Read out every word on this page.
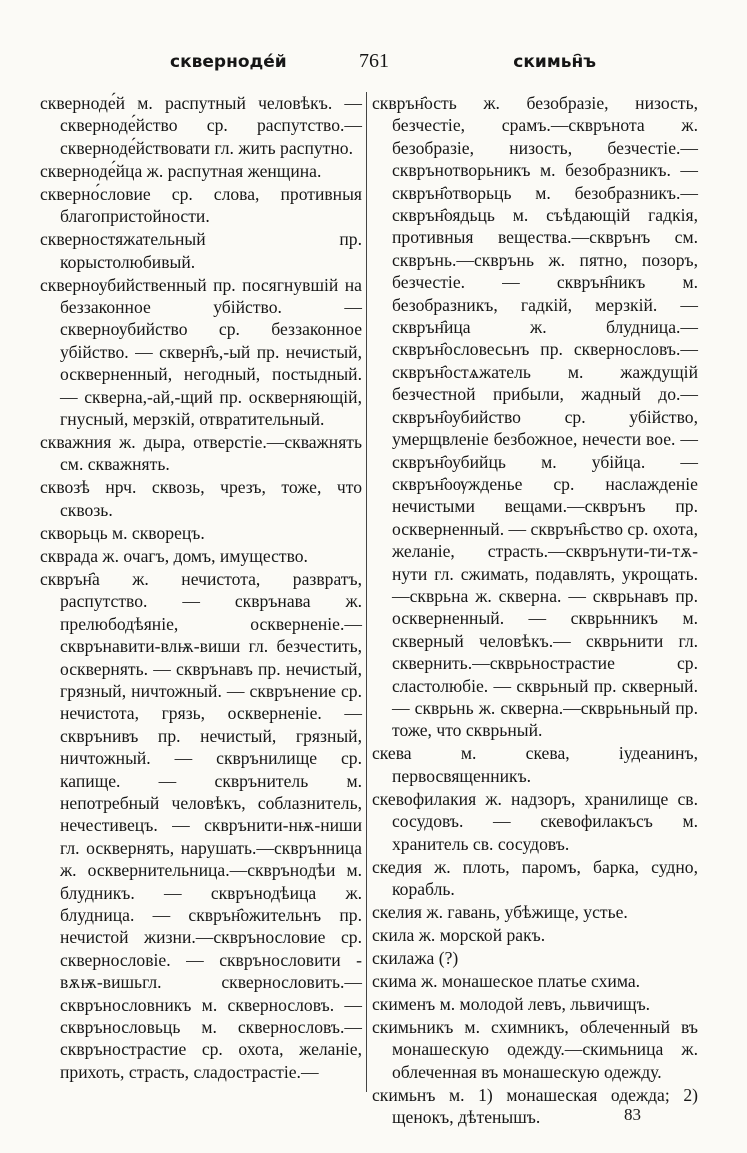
скверноде́й	761	скимьн҄ъ

скверноде́й м. распутный человѣкъ. —скверноде́йство ср. распутство.— скверноде́йствовати гл. жить распутно.

скверноде́йца ж. распутная женщина.

скверно́словие ср. слова, противныя благопристойности.

скверностяжательный пр. корыстолюбивый.

скверноубийственный пр. посягнувшій на беззаконное убійство. — скверноубийство ср. беззаконное убійство. — скверн҄ъ,-ый пр. нечистый, оскверненный, негодный, постыдный. — скверна,-ай,-щий пр. оскверняющій, гнусный, мерзкій, отвратительный.

скважния ж. дыра, отверстіе.—скважнять см. скважнять.

сквозѣ нрч. сквозь, чрезъ, тоже, что сквозь.

скворьць м. скворецъ.

скврада ж. очагъ, домъ, имущество.

скврън҄а ж. нечистота, развратъ, распутство. — скврънава ж. прелюбодѣяніе, оскверненіе.—скврънавити-влѭ-виши гл. безчестить, осквернять. — скврънавъ пр. нечистый, грязный, ничтожный. — скврънение ср. нечистота, грязь, оскверненіе. — скврънивъ пр. нечистый, грязный, ничтожный. — скврънилище ср. капище. — скврънитель м. непотребный человѣкъ, соблазнитель, нечестивецъ. — скврънити-нѭ-ниши гл. осквернять, нарушать.—скврънница ж. осквернительница.—скврънодѣи м. блудникъ. — скврънодѣица ж. блудница. — скврън҄ожительнъ пр. нечистой жизни.—скврънословие ср. сквернословіе. — скврънословити - вѫѭ-вишьгл. сквернословить.—скврънословникъ м. сквернословъ. — скврънословьць м. сквернословъ.— скврънострастие ср. охота, желаніе, прихоть, страсть, сладострастіе.—

скврън҄ость ж. безобразіе, низость, безчестіе, срамъ.—скврънота ж. безобразіе, низость, безчестіе.—скврънотворьникъ м. безобразникъ. — скврън҄отворьць м. безобразникъ.— скврън҄оядьць м. съѣдающій гадкія, противныя вещества.—скврънъ см. скврънь.—скврънь ж. пятно, позоръ, безчестіе. — скврън҄никъ м. безобразникъ, гадкій, мерзкій. — скврън҄ица ж. блудница.—скврън҄ословесьнъ пр. сквернословъ.— скврън҄остѧжатель м. жаждущій безчестной прибыли, жадный до.— скврън҄оубийство ср. убійство, умерщвленіе безбожное, нечести вое. — скврън҄оубийць м. убійца. — скврън҄оѹжденье ср. наслажденіе нечистыми вещами.—скврънъ пр. оскверненный. — скврън҄ьство ср. охота, желаніе, страсть.—скврънути-ти-тѫ-нути гл. сжимать, подавлять, укрощать.—скврьна ж. скверна. — скврьнавъ пр. оскверненный. — скврьнникъ м. скверный человѣкъ.— скврьнити гл. сквернить.—скврьнострастие ср. сластолюбіе. — скврьный пр. скверный. — скврьнь ж. скверна.—скврьньный пр. тоже, что скврьный.

скева м. скева, іудеанинъ, первосвященникъ.

скевофилакия ж. надзоръ, хранилище св. сосудовъ. — скевофилакъсъ м. хранитель св. сосудовъ.

скедия ж. плоть, паромъ, барка, судно, корабль.

скелия ж. гавань, убѣжище, устье.

скила ж. морской ракъ.

скилажа (?)

скима ж. монашеское платье схима.

скименъ м. молодой левъ, львичищъ.

скимьникъ м. схимникъ, облеченный въ монашескую одежду.—скимьница ж. облеченная въ монашескую одежду.

скимьнъ м. 1) монашеская одежда; 2) щенокъ, дѣтенышъ.	83
